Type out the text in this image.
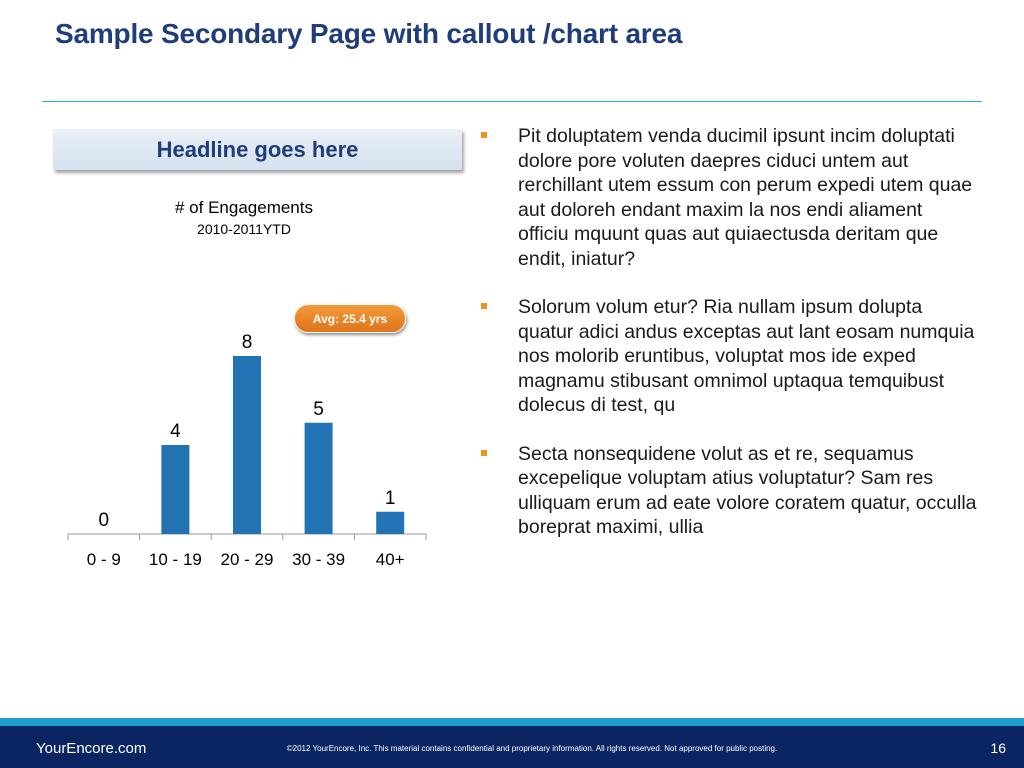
Sample Secondary Page with callout /chart area
Headline goes here
# of Engagements
2010-2011YTD
0
0 - 9
4
10 - 19
8
20 - 29
5
30 - 39
1
40+
Avg: 25.4 yrs
Pit doluptatem venda ducimil ipsunt incim doluptati dolore pore voluten daepres ciduci untem aut rerchillant utem essum con perum expedi utem quae aut doloreh endant maxim la nos endi aliament officiu mquunt quas aut quiaectusda deritam que endit, iniatur?
Solorum volum etur? Ria nullam ipsum dolupta quatur adici andus exceptas aut lant eosam numquia nos molorib eruntibus, voluptat mos ide exped magnamu stibusant omnimol uptaqua temquibust dolecus di test, qu
Secta nonsequidene volut as et re, sequamus excepelique voluptam atius voluptatur? Sam res ulliquam erum ad eate volore coratem quatur, occulla boreprat maximi, ullia
YourEncore.com	©2012 YourEncore, Inc. This material contains confidential and proprietary information. All rights reserved. Not approved for public posting.	16
